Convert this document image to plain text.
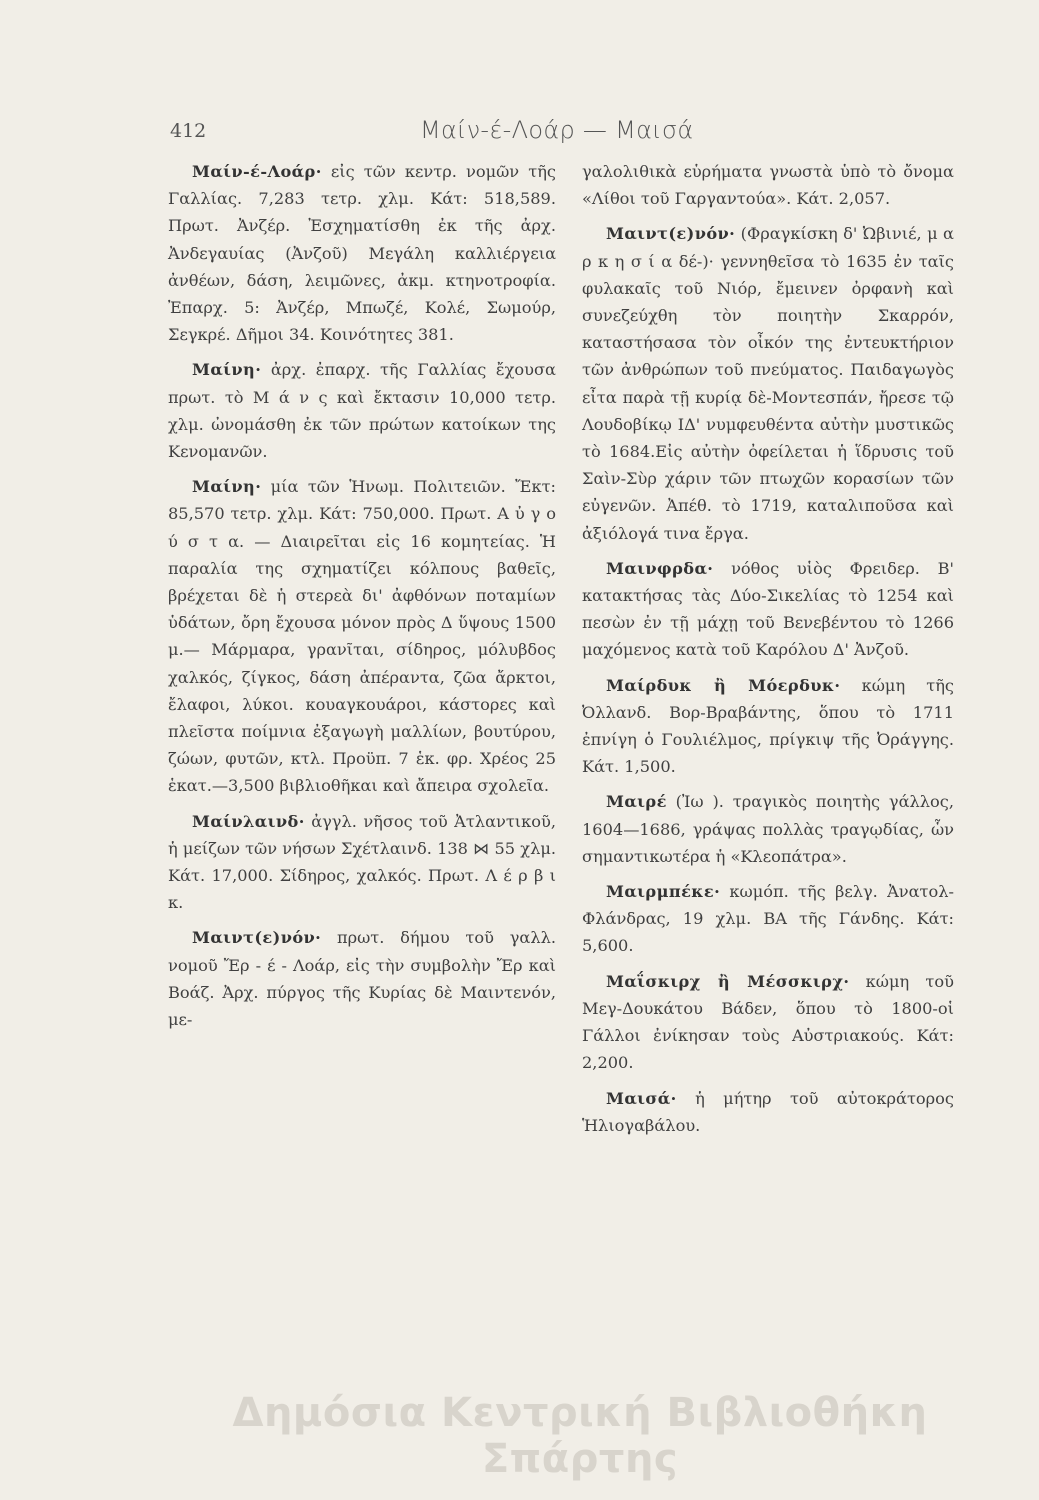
412	Μαίν-έ-Λοάρ — Μαισά

Μαίν-έ-Λοάρ· εἰς τῶν κεντρ. νομῶν τῆς Γαλλίας. 7,283 τετρ. χλμ. Κάτ: 518,589. Πρωτ. Ἀνζέρ. Ἐσχηματίσθη ἐκ τῆς ἀρχ. Ἀνδεγαυίας (Ἀνζοῦ) Μεγάλη καλλιέργεια ἀνθέων, δάση, λειμῶνες, ἀκμ. κτηνοτροφία. Ἐπαρχ. 5: Ἀνζέρ, Μπωζέ, Κολέ, Σωμούρ, Σεγκρέ. Δῆμοι 34. Κοινότητες 381.

Μαίνη· ἀρχ. ἐπαρχ. τῆς Γαλλίας ἔχουσα πρωτ. τὸ Μ ά ν ς καὶ ἔκτασιν 10,000 τετρ. χλμ. ὠνομάσθη ἐκ τῶν πρώτων κατοίκων της Κενομανῶν.

Μαίνη· μία τῶν Ἡνωμ. Πολιτειῶν. Ἔκτ: 85,570 τετρ. χλμ. Κάτ: 750,000. Πρωτ. Α ὐ γ ο ύ σ τ α. — Διαιρεῖται εἰς 16 κομητείας. Ἡ παραλία της σχηματίζει κόλπους βαθεῖς, βρέχεται δὲ ἡ στερεὰ δι' ἀφθόνων ποταμίων ὑδάτων, ὄρη ἔχουσα μόνον πρὸς Δ ὕψους 1500 μ.— Μάρμαρα, γρανῖται, σίδηρος, μόλυβδος χαλκός, ζίγκος, δάση ἀπέραντα, ζῶα ἄρκτοι, ἔλαφοι, λύκοι. κουαγκουάροι, κάστορες καὶ πλεῖστα ποίμνια ἐξαγωγὴ μαλλίων, βουτύρου, ζώων, φυτῶν, κτλ. Προϋπ. 7 ἑκ. φρ. Χρέος 25 ἑκατ.—3,500 βιβλιοθῆκαι καὶ ἄπειρα σχολεῖα.

Μαίνλαινδ· ἀγγλ. νῆσος τοῦ Ἀτλαντικοῦ, ἡ μείζων τῶν νήσων Σχέτλαινδ. 138 ⋈ 55 χλμ. Κάτ. 17,000. Σίδηρος, χαλκός. Πρωτ. Λ έ ρ β ι κ.

Μαιντ(ε)νόν· πρωτ. δήμου τοῦ γαλλ. νομοῦ Ἔρ - έ - Λοάρ, εἰς τὴν συμβολὴν Ἔρ καὶ Βοάζ. Ἀρχ. πύργος τῆς Κυρίας δὲ Μαιντενόν, με-

γαλολιθικὰ εὑρήματα γνωστὰ ὑπὸ τὸ ὄνομα «Λίθοι τοῦ Γαργαντούα». Κάτ. 2,057.

Μαιντ(ε)νόν· (Φραγκίσκη δ' Ὠβινιέ, μ α ρ κ η σ ί α δέ-)· γεννηθεῖσα τὸ 1635 ἐν ταῖς φυλακαῖς τοῦ Νιόρ, ἔμεινεν ὀρφανὴ καὶ συνεζεύχθη τὸν ποιητὴν Σκαρρόν, καταστήσασα τὸν οἶκόν της ἐντευκτήριον τῶν ἀνθρώπων τοῦ πνεύματος. Παιδαγωγὸς εἶτα παρὰ τῇ κυρίᾳ δὲ-Μοντεσπάν, ἤρεσε τῷ Λουδοβίκῳ ΙΔ' νυμφευθέντα αὐτὴν μυστικῶς τὸ 1684.Εἰς αὐτὴν ὀφείλεται ἡ ἵδρυσις τοῦ Σαὶν-Σὺρ χάριν τῶν πτωχῶν κορασίων τῶν εὐγενῶν. Ἀπέθ. τὸ 1719, καταλιποῦσα καὶ ἀξιόλογά τινα ἔργα.

Μαινφρδα· νόθος υἱὸς Φρειδερ. Β' κατακτήσας τὰς Δύο-Σικελίας τὸ 1254 καὶ πεσὼν ἐν τῇ μάχῃ τοῦ Βενεβέντου τὸ 1266 μαχόμενος κατὰ τοῦ Καρόλου Δ' Ἀνζοῦ.

Μαίρδυκ ἢ Μόερδυκ· κώμη τῆς Ὀλλανδ. Βορ-Βραβάντης, ὅπου τὸ 1711 ἐπνίγη ὁ Γουλιέλμος, πρίγκιψ τῆς Ὀράγγης. Κάτ. 1,500.

Μαιρέ (Ἰω ). τραγικὸς ποιητὴς γάλλος, 1604—1686, γράψας πολλὰς τραγῳδίας, ὧν σημαντικωτέρα ἡ «Κλεοπάτρα».

Μαιρμπέκε· κωμόπ. τῆς βελγ. Ἀνατολ-Φλάνδρας, 19 χλμ. ΒΑ τῆς Γάνδης. Κάτ: 5,600.

Μαΐσκιρχ ἢ Μέσσκιρχ· κώμη τοῦ Μεγ-Δουκάτου Βάδεν, ὅπου τὸ 1800-οἱ Γάλλοι ἐνίκησαν τοὺς Αὐστριακούς. Κάτ: 2,200.

Μαισά· ἡ μήτηρ τοῦ αὐτοκράτορος Ἡλιογαβάλου.

Δημόσια Κεντρική Βιβλιοθήκη Σπάρτης
